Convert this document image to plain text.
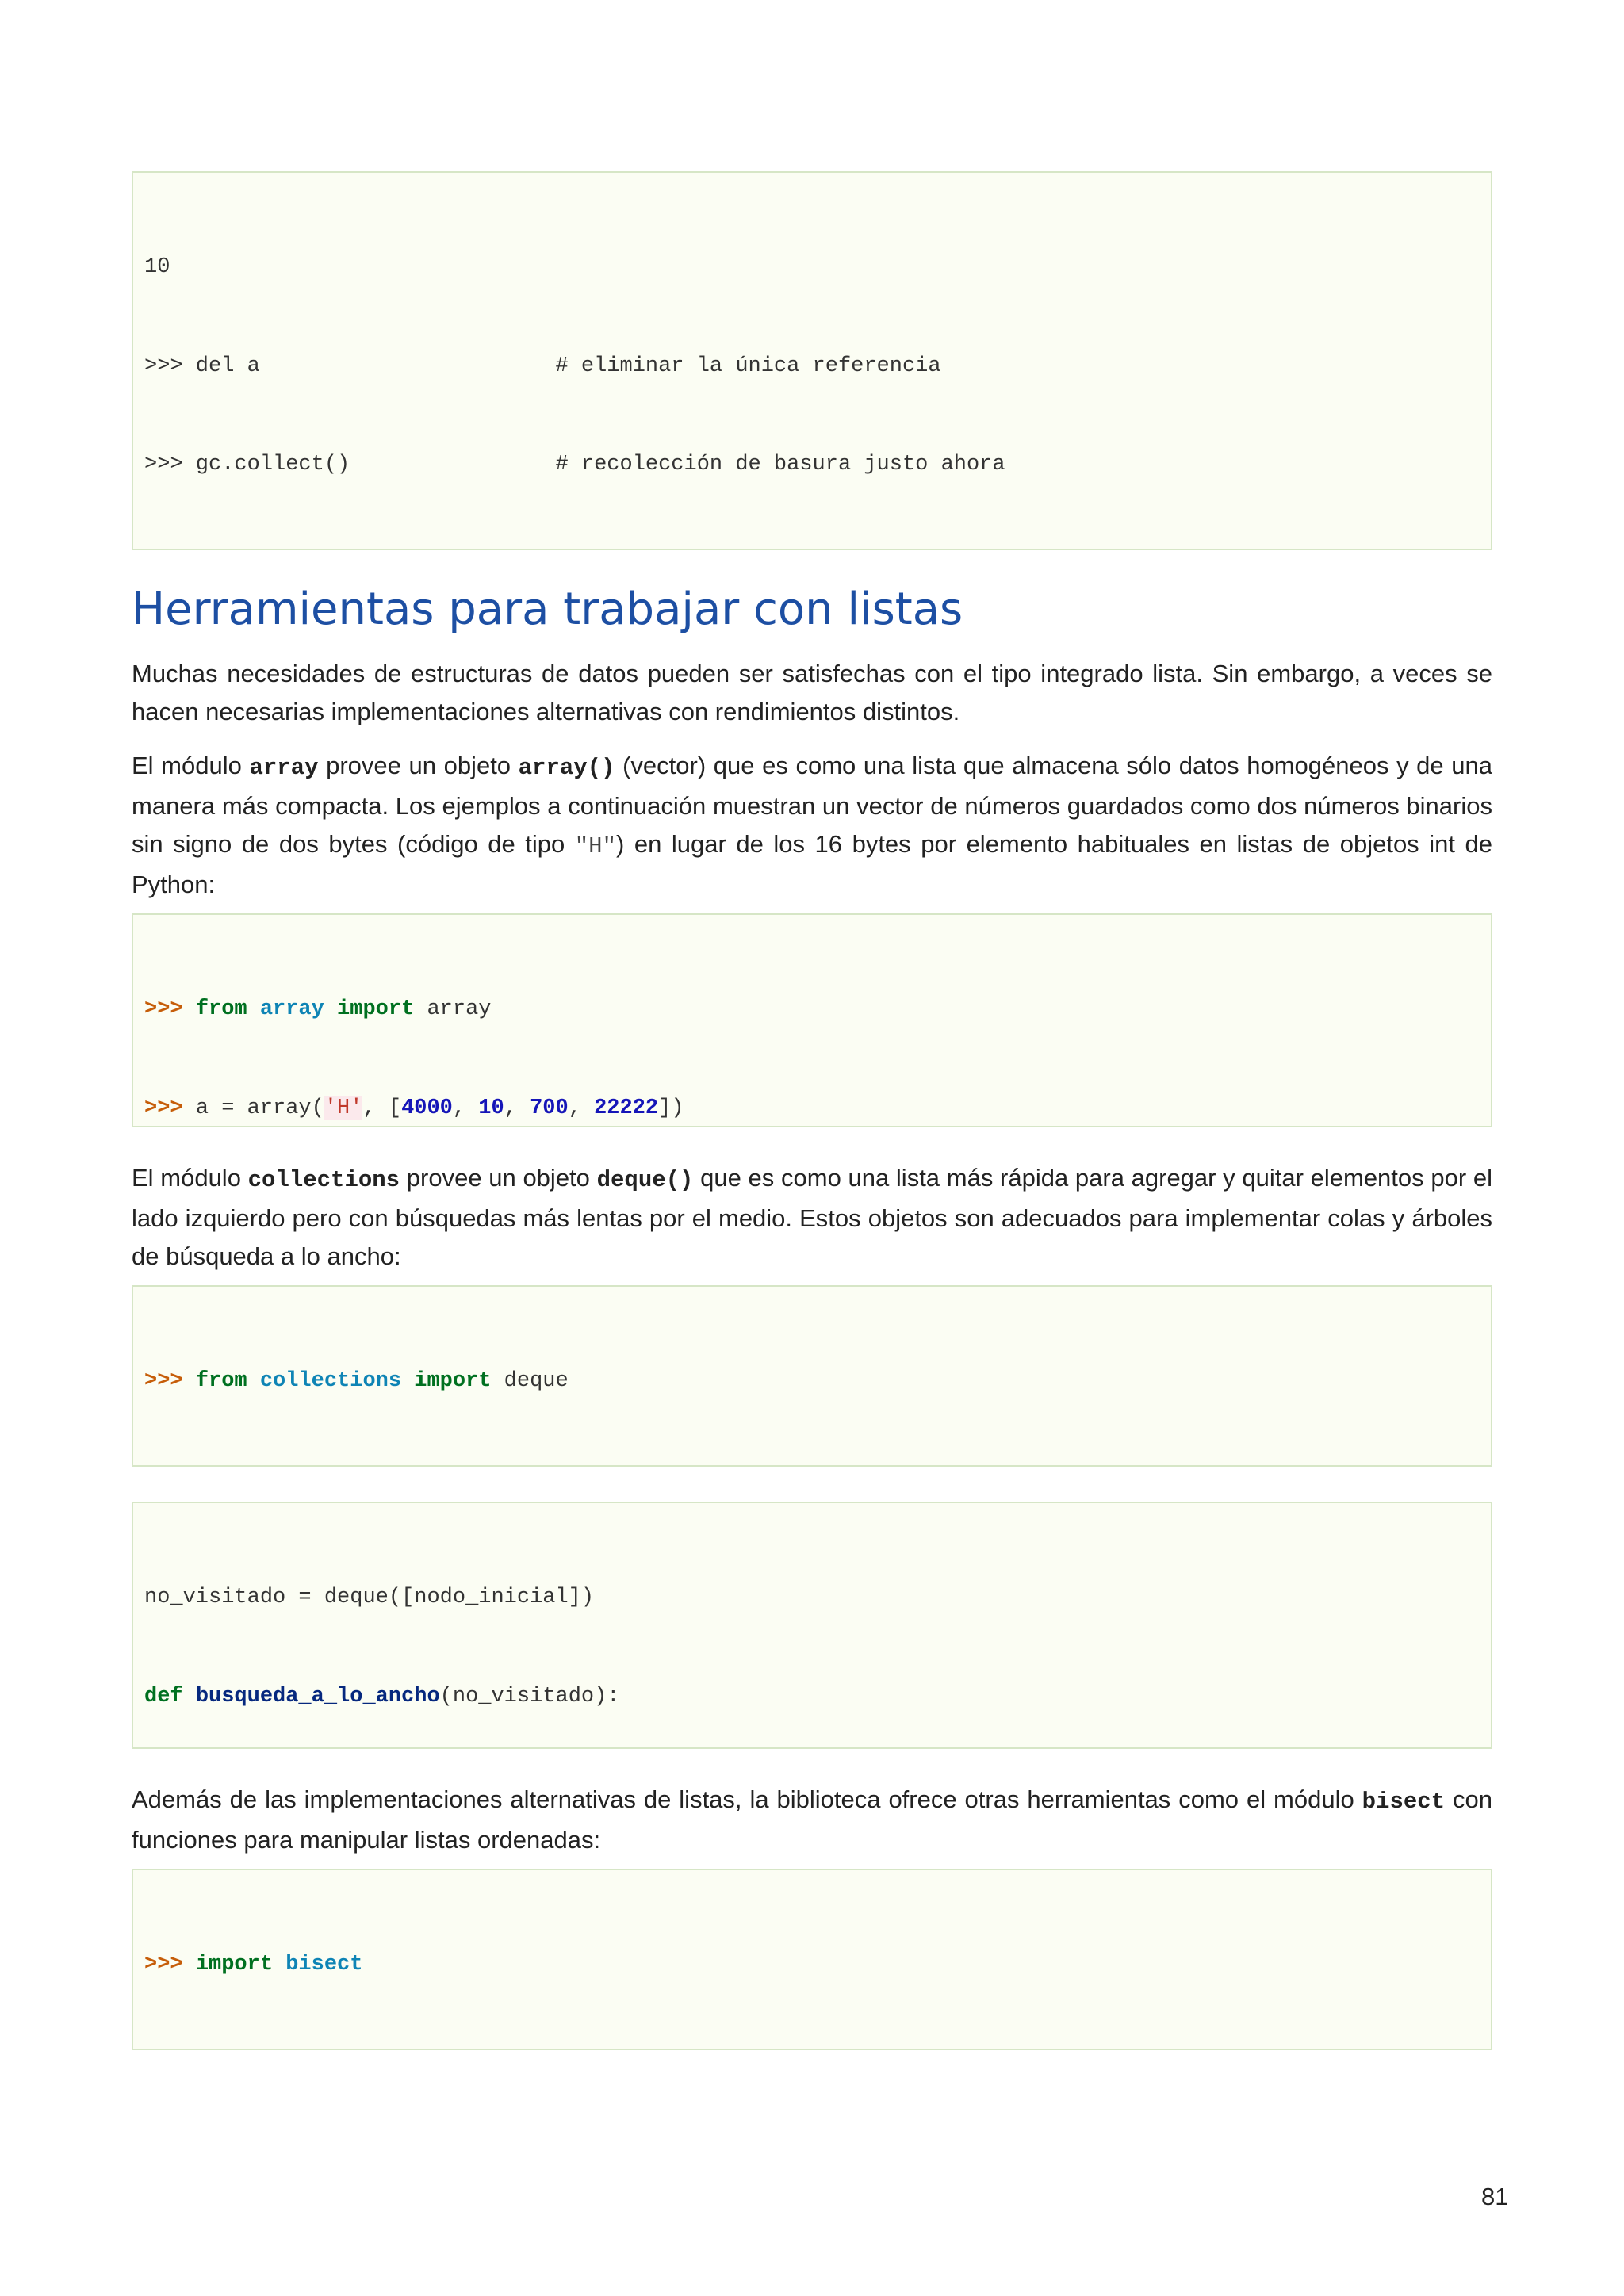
10

>>> del a                       # eliminar la única referencia

>>> gc.collect()                # recolección de basura justo ahora

Herramientas para trabajar con listas

Muchas necesidades de estructuras de datos pueden ser satisfechas con el tipo integrado lista. Sin embargo, a veces se hacen necesarias implementaciones alternativas con rendimientos distintos.

El módulo array provee un objeto array() (vector) que es como una lista que almacena sólo datos homogéneos y de una manera más compacta. Los ejemplos a continuación muestran un vector de números guardados como dos números binarios sin signo de dos bytes (código de tipo "H") en lugar de los 16 bytes por elemento habituales en listas de objetos int de Python:

>>> from array import array

>>> a = array('H', [4000, 10, 700, 22222])

El módulo collections provee un objeto deque() que es como una lista más rápida para agregar y quitar elementos por el lado izquierdo pero con búsquedas más lentas por el medio. Estos objetos son adecuados para implementar colas y árboles de búsqueda a lo ancho:

>>> from collections import deque

no_visitado = deque([nodo_inicial])

def busqueda_a_lo_ancho(no_visitado):

Además de las implementaciones alternativas de listas, la biblioteca ofrece otras herramientas como el módulo bisect con funciones para manipular listas ordenadas:

>>> import bisect

81
